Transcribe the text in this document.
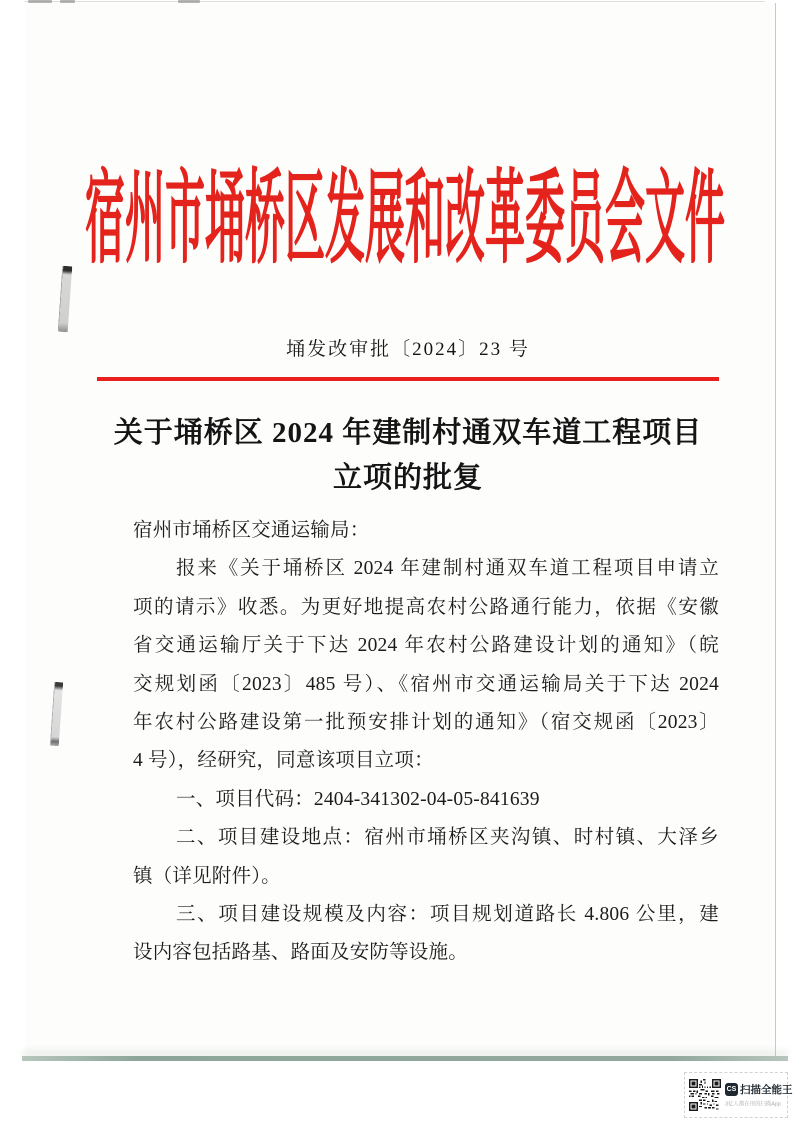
宿州市埇桥区发展和改革委员会文件
埇发改审批〔2024〕23 号
关于埇桥区 2024 年建制村通双车道工程项目
立项的批复
宿州市埇桥区交通运输局：
报来《关于埇桥区 2024 年建制村通双车道工程项目申请立
项的请示》收悉。为更好地提高农村公路通行能力，依据《安徽
省交通运输厅关于下达 2024 年农村公路建设计划的通知》（皖
交规划函〔2023〕485 号）、《宿州市交通运输局关于下达 2024
年农村公路建设第一批预安排计划的通知》（宿交规函〔2023〕
4 号），经研究，同意该项目立项：
一、项目代码：2404-341302-04-05-841639
二、项目建设地点：宿州市埇桥区夹沟镇、时村镇、大泽乡
镇（详见附件）。
三、项目建设规模及内容：项目规划道路长 4.806 公里，建
设内容包括路基、路面及安防等设施。
CS 扫描全能王
3亿人都在用的扫描App
